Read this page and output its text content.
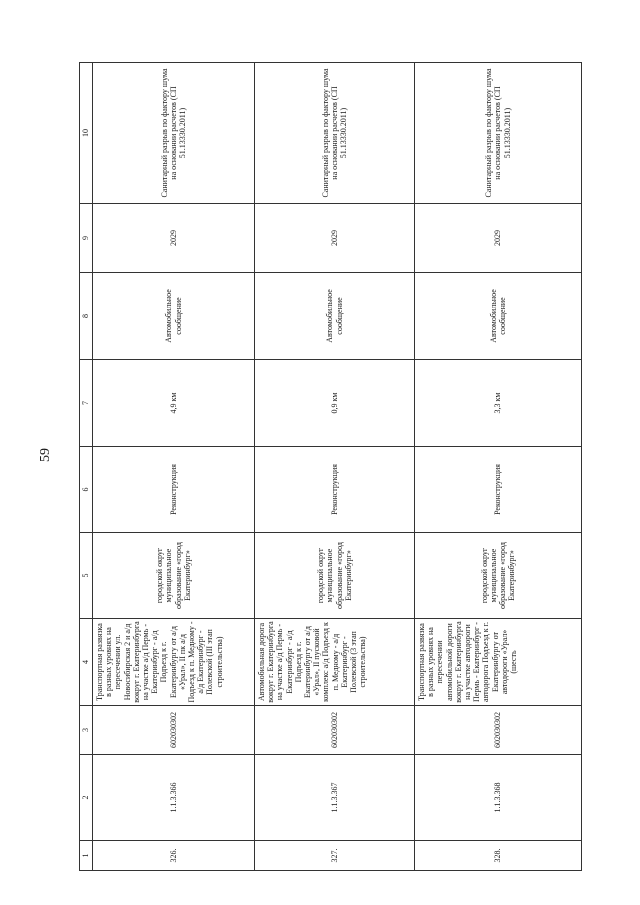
59
1	2	3	4	5	6	7	8	9	10
326.	1.1.3.366	602030302	Транспортная развязка в разных уровнях на пересечении ул. Новосибирская 2 и а/д вокруг г. Екатеринбурга на участке а/д Пермь - Екатеринбург - а/д Подъезд к г. Екатеринбургу от а/д «Урал», II пк а/д Подъезд к п. Медному - а/д Екатеринбург - Полевской (III этап строительства)	городской округ муниципальное образование «город Екатеринбург»	Реконструкция	4,9 км	Автомобильное сообщение	2029	Санитарный разрыв по фактору шума на основании расчетов (СП 51.13330.2011)
327.	1.1.3.367	602030302	Автомобильная дорога вокруг г. Екатеринбурга на участке а/д Пермь - Екатеринбург - а/д Подъезд к г. Екатеринбургу от а/д «Урал», II пусковой комплекс а/д Подъезд к п. Медному - а/д Екатеринбург - Полевской (3 этап строительства)	городской округ муниципальное образование «город Екатеринбург»	Реконструкция	0,9 км	Автомобильное сообщение	2029	Санитарный разрыв по фактору шума на основании расчетов (СП 51.13330.2011)
328.	1.1.3.368	602030302	Транспортная развязка в разных уровнях на пересечении автомобильной дороги вокруг г. Екатеринбурга на участке автодороги Пермь - Екатеринбург - автодорога Подъезд к г. Екатеринбургу от автодороги «Урал» (шесть	городской округ муниципальное образование «город Екатеринбург»	Реконструкция	3,3 км	Автомобильное сообщение	2029	Санитарный разрыв по фактору шума на основании расчетов (СП 51.13330.2011)
